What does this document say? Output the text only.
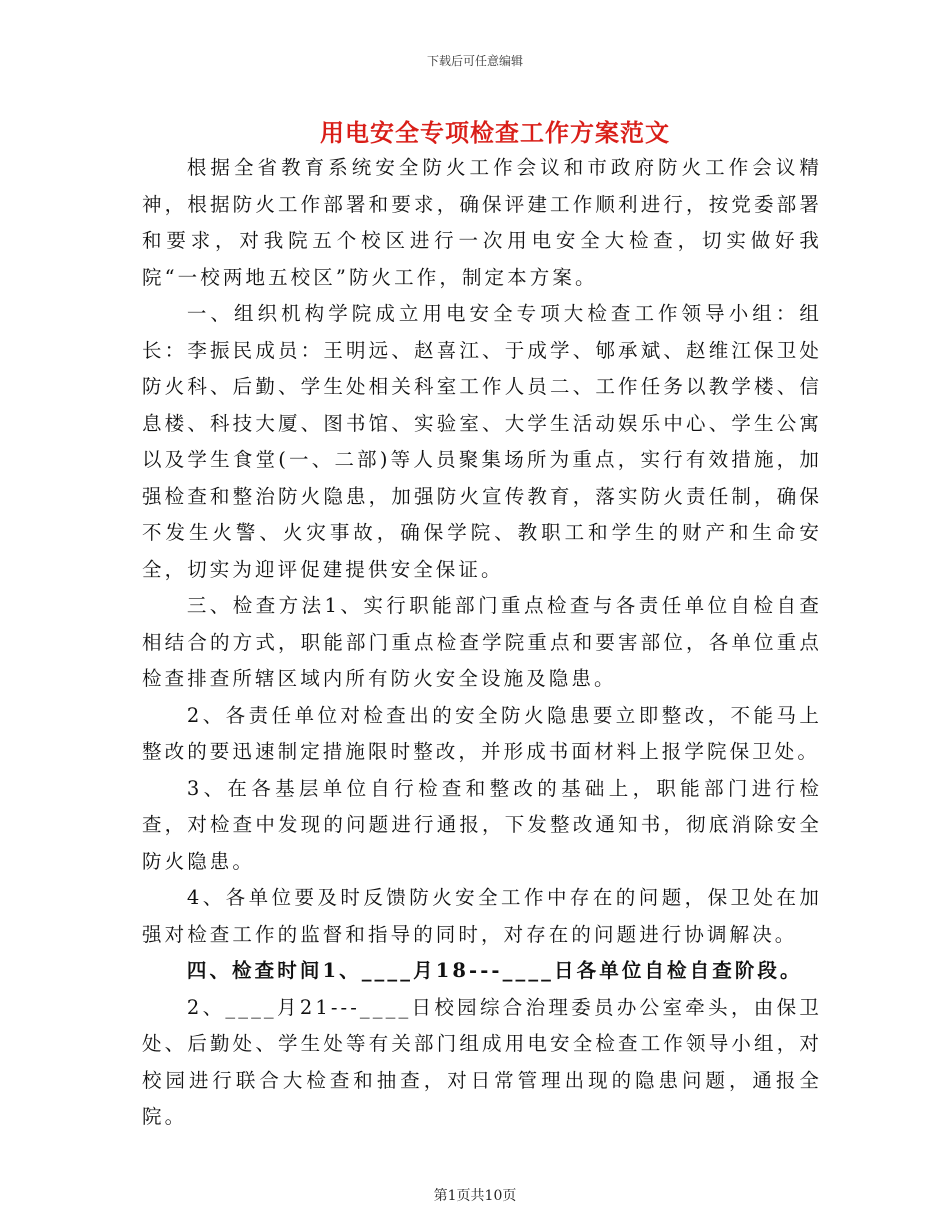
下载后可任意编辑
用电安全专项检查工作方案范文

根据全省教育系统安全防火工作会议和市政府防火工作会议精神，根据防火工作部署和要求，确保评建工作顺利进行，按党委部署和要求，对我院五个校区进行一次用电安全大检查，切实做好我院“一校两地五校区”防火工作，制定本方案。

一、组织机构学院成立用电安全专项大检查工作领导小组：组长：李振民成员：王明远、赵喜江、于成学、郇承斌、赵维江保卫处防火科、后勤、学生处相关科室工作人员二、工作任务以教学楼、信息楼、科技大厦、图书馆、实验室、大学生活动娱乐中心、学生公寓以及学生食堂(一、二部)等人员聚集场所为重点，实行有效措施，加强检查和整治防火隐患，加强防火宣传教育，落实防火责任制，确保不发生火警、火灾事故，确保学院、教职工和学生的财产和生命安全，切实为迎评促建提供安全保证。

三、检查方法1、实行职能部门重点检查与各责任单位自检自查相结合的方式，职能部门重点检查学院重点和要害部位，各单位重点检查排查所辖区域内所有防火安全设施及隐患。

2、各责任单位对检查出的安全防火隐患要立即整改，不能马上整改的要迅速制定措施限时整改，并形成书面材料上报学院保卫处。

3、在各基层单位自行检查和整改的基础上，职能部门进行检查，对检查中发现的问题进行通报，下发整改通知书，彻底消除安全防火隐患。

4、各单位要及时反馈防火安全工作中存在的问题，保卫处在加强对检查工作的监督和指导的同时，对存在的问题进行协调解决。

四、检查时间1、____月18---____日各单位自检自查阶段。

2、____月21---____日校园综合治理委员办公室牵头，由保卫处、后勤处、学生处等有关部门组成用电安全检查工作领导小组，对校园进行联合大检查和抽查，对日常管理出现的隐患问题，通报全院。

第1页共10页
